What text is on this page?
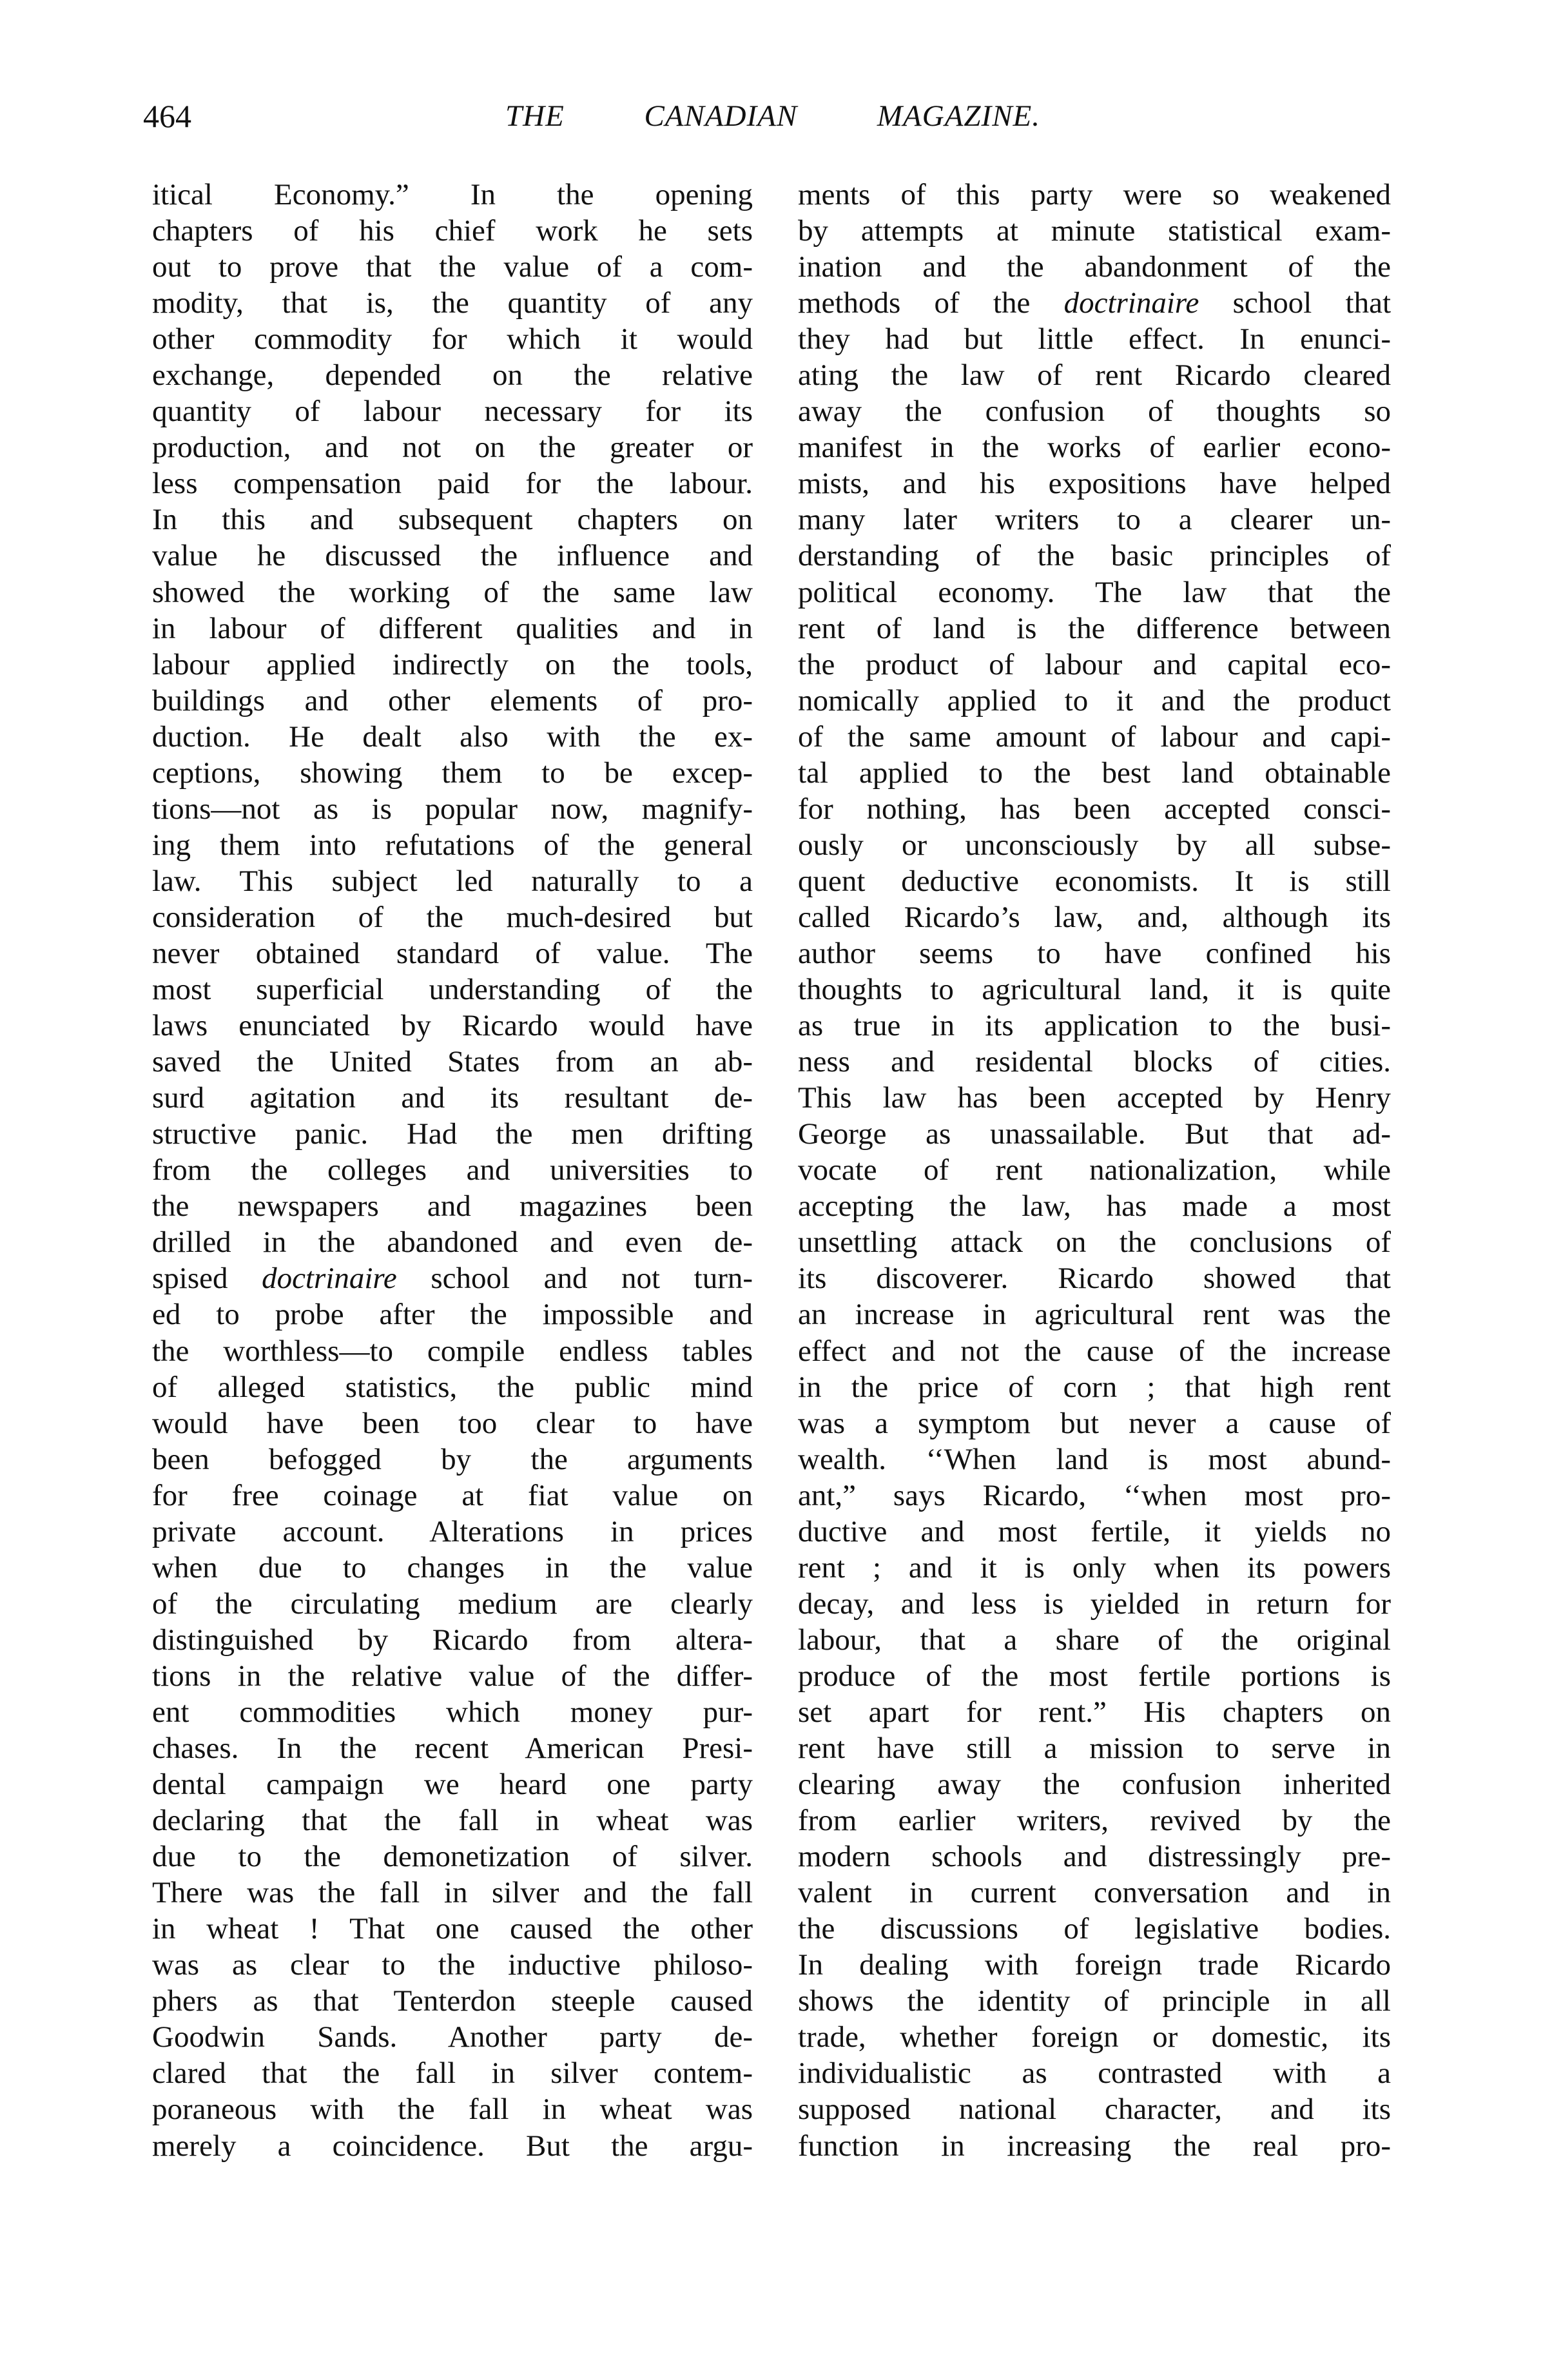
464	THE CANADIAN MAGAZINE.
itical Economy.” In the opening
chapters of his chief work he sets
out to prove that the value of a com-
modity, that is, the quantity of any
other commodity for which it would
exchange, depended on the relative
quantity of labour necessary for its
production, and not on the greater or
less compensation paid for the labour.
In this and subsequent chapters on
value he discussed the influence and
showed the working of the same law
in labour of different qualities and in
labour applied indirectly on the tools,
buildings and other elements of pro-
duction. He dealt also with the ex-
ceptions, showing them to be excep-
tions—not as is popular now, magnify-
ing them into refutations of the general
law. This subject led naturally to a
consideration of the much-desired but
never obtained standard of value. The
most superficial understanding of the
laws enunciated by Ricardo would have
saved the United States from an ab-
surd agitation and its resultant de-
structive panic. Had the men drifting
from the colleges and universities to
the newspapers and magazines been
drilled in the abandoned and even de-
spised doctrinaire school and not turn-
ed to probe after the impossible and
the worthless—to compile endless tables
of alleged statistics, the public mind
would have been too clear to have
been befogged by the arguments
for free coinage at fiat value on
private account. Alterations in prices
when due to changes in the value
of the circulating medium are clearly
distinguished by Ricardo from altera-
tions in the relative value of the differ-
ent commodities which money pur-
chases. In the recent American Presi-
dental campaign we heard one party
declaring that the fall in wheat was
due to the demonetization of silver.
There was the fall in silver and the fall
in wheat ! That one caused the other
was as clear to the inductive philoso-
phers as that Tenterdon steeple caused
Goodwin Sands. Another party de-
clared that the fall in silver contem-
poraneous with the fall in wheat was
merely a coincidence. But the argu-
ments of this party were so weakened
by attempts at minute statistical exam-
ination and the abandonment of the
methods of the doctrinaire school that
they had but little effect. In enunci-
ating the law of rent Ricardo cleared
away the confusion of thoughts so
manifest in the works of earlier econo-
mists, and his expositions have helped
many later writers to a clearer un-
derstanding of the basic principles of
political economy. The law that the
rent of land is the difference between
the product of labour and capital eco-
nomically applied to it and the product
of the same amount of labour and capi-
tal applied to the best land obtainable
for nothing, has been accepted consci-
ously or unconsciously by all subse-
quent deductive economists. It is still
called Ricardo’s law, and, although its
author seems to have confined his
thoughts to agricultural land, it is quite
as true in its application to the busi-
ness and residental blocks of cities.
This law has been accepted by Henry
George as unassailable. But that ad-
vocate of rent nationalization, while
accepting the law, has made a most
unsettling attack on the conclusions of
its discoverer. Ricardo showed that
an increase in agricultural rent was the
effect and not the cause of the increase
in the price of corn ; that high rent
was a symptom but never a cause of
wealth. ‘‘When land is most abund-
ant,” says Ricardo, ‘‘when most pro-
ductive and most fertile, it yields no
rent ; and it is only when its powers
decay, and less is yielded in return for
labour, that a share of the original
produce of the most fertile portions is
set apart for rent.” His chapters on
rent have still a mission to serve in
clearing away the confusion inherited
from earlier writers, revived by the
modern schools and distressingly pre-
valent in current conversation and in
the discussions of legislative bodies.
In dealing with foreign trade Ricardo
shows the identity of principle in all
trade, whether foreign or domestic, its
individualistic as contrasted with a
supposed national character, and its
function in increasing the real pro-
